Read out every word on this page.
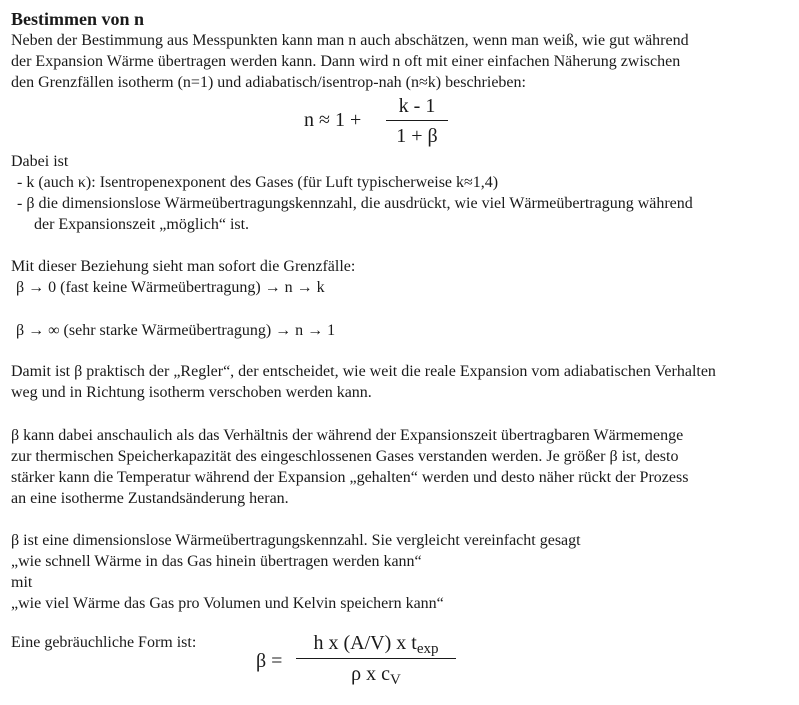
Bestimmen von n

Neben der Bestimmung aus Messpunkten kann man n auch abschätzen, wenn man weiß, wie gut während

der Expansion Wärme übertragen werden kann. Dann wird n oft mit einer einfachen Näherung zwischen

den Grenzfällen isotherm (n=1) und adiabatisch/isentrop-nah (n≈k) beschrieben:

n ≈ 1 +
k - 1
1 + β

Dabei ist

- k (auch κ): Isentropenexponent des Gases (für Luft typischerweise k≈1,4)

- β die dimensionslose Wärmeübertragungskennzahl, die ausdrückt, wie viel Wärmeübertragung während
der Expansionszeit „möglich“ ist.

Mit dieser Beziehung sieht man sofort die Grenzfälle:

β → 0 (fast keine Wärmeübertragung) → n → k

β → ∞ (sehr starke Wärmeübertragung) → n → 1

Damit ist β praktisch der „Regler“, der entscheidet, wie weit die reale Expansion vom adiabatischen Verhalten

weg und in Richtung isotherm verschoben werden kann.

β kann dabei anschaulich als das Verhältnis der während der Expansionszeit übertragbaren Wärmemenge

zur thermischen Speicherkapazität des eingeschlossenen Gases verstanden werden. Je größer β ist, desto

stärker kann die Temperatur während der Expansion „gehalten“ werden und desto näher rückt der Prozess

an eine isotherme Zustandsänderung heran.

β ist eine dimensionslose Wärmeübertragungskennzahl. Sie vergleicht vereinfacht gesagt

„wie schnell Wärme in das Gas hinein übertragen werden kann“

mit

„wie viel Wärme das Gas pro Volumen und Kelvin speichern kann“

Eine gebräuchliche Form ist:
β =
h x (A/V) x $t_{exp}$
ρ x $c_V$
